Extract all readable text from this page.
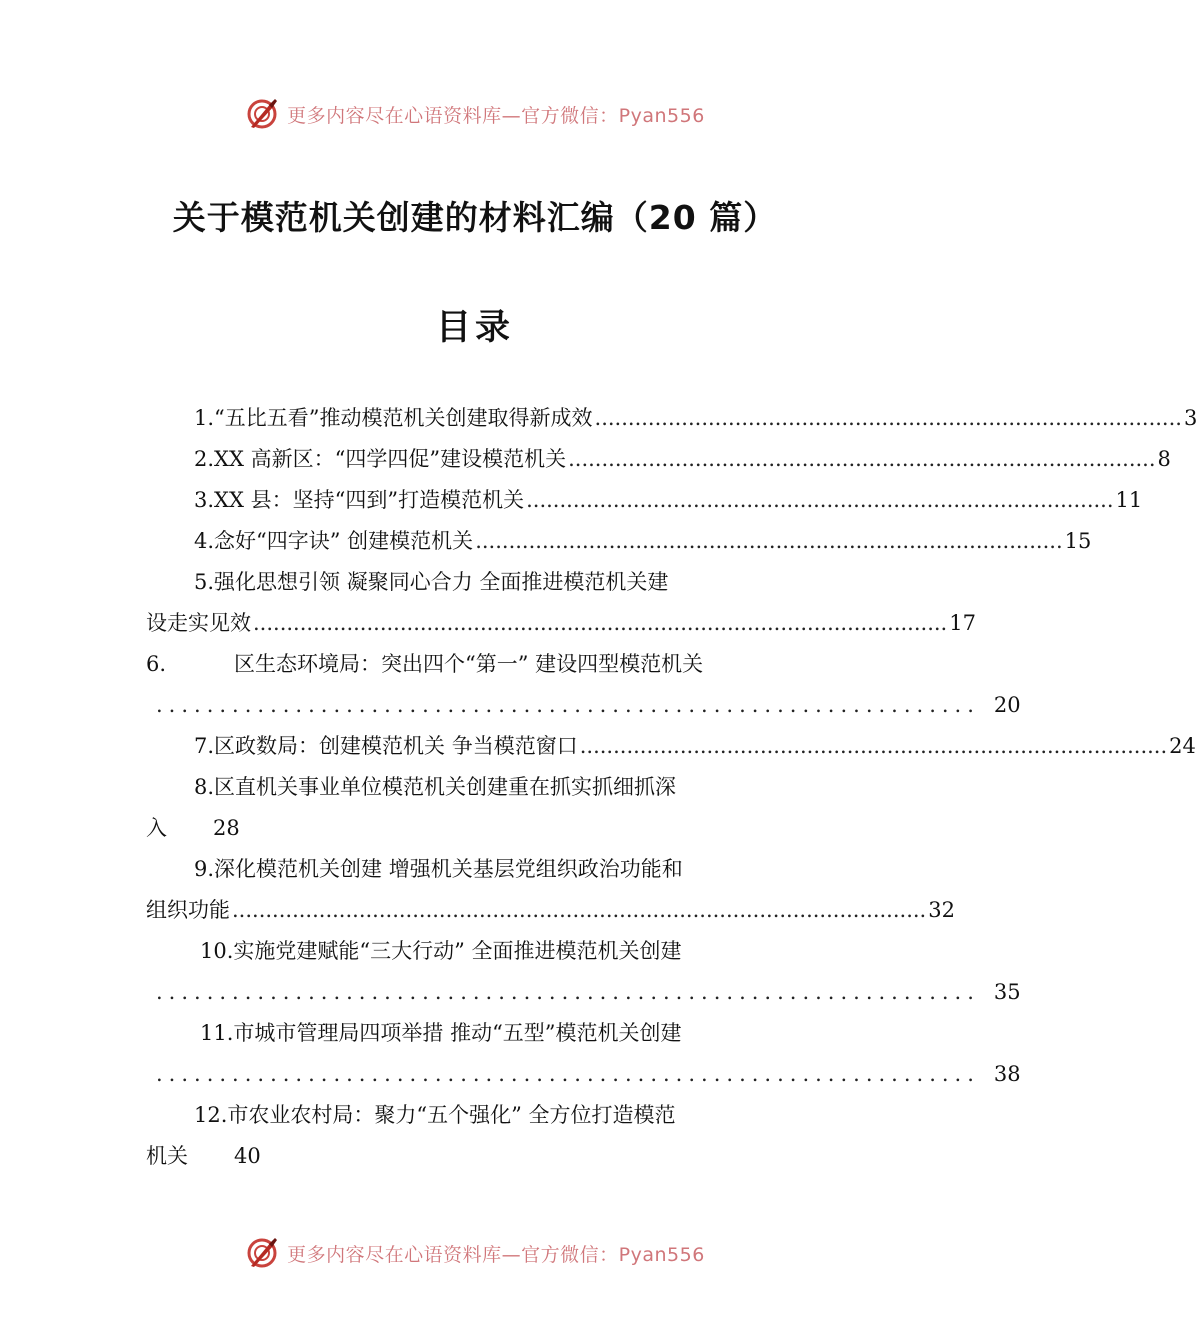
更多内容尽在心语资料库—官方微信：Pyan556
关于模范机关创建的材料汇编（20 篇）
目录
1.“五比五看”推动模范机关创建取得新成效 ........................................................................................ 3
2.XX 高新区：“四学四促”建设模范机关 ........................................................................................ 8
3.XX 县：坚持“四到”打造模范机关 ........................................................................................ 11
4.念好“四字诀” 创建模范机关 ........................................................................................ 15
5.强化思想引领 凝聚同心合力 全面推进模范机关建
设走实见效 ........................................................................................................ 17
6.	区生态环境局：突出四个“第一” 建设四型模范机关
................................................................. 20
7.区政数局：创建模范机关 争当模范窗口 ........................................................................................ 24
8.区直机关事业单位模范机关创建重在抓实抓细抓深
入 28
9.深化模范机关创建 增强机关基层党组织政治功能和
组织功能 ........................................................................................................ 32
10.实施党建赋能“三大行动” 全面推进模范机关创建
................................................................. 35
11.市城市管理局四项举措 推动“五型”模范机关创建
................................................................. 38
12.市农业农村局：聚力“五个强化” 全方位打造模范
机关 40
更多内容尽在心语资料库—官方微信：Pyan556
